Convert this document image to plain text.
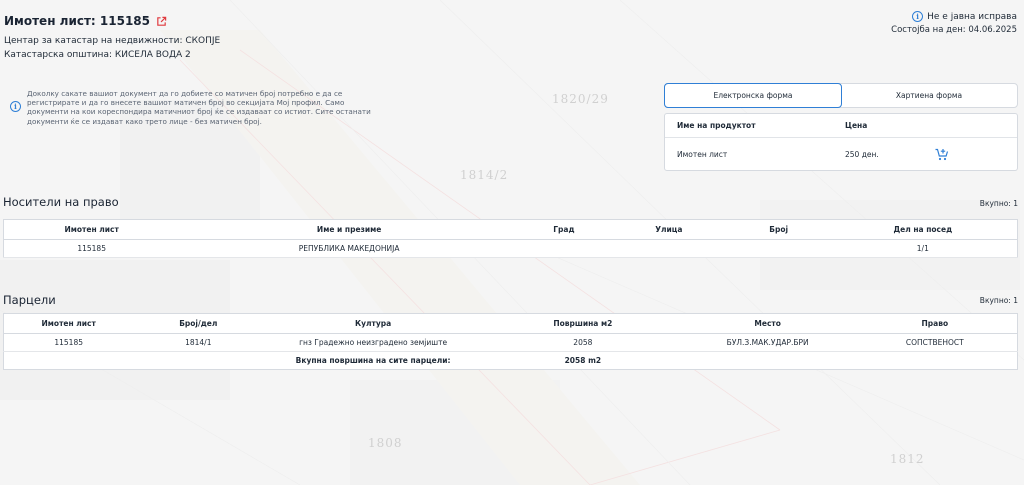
1814/2
1820/29
1808
1812
Имотен лист: 115185
Центар за катастар на недвижности: СКОПЈЕ
Катастарска општина: КИСЕЛА ВОДА 2
i Не е јавна исправа
Состојба на ден: 04.06.2025
i
Доколку сакате вашиот документ да го добиете со матичен број потребно е да се регистрирате и да го внесете вашиот матичен број во секцијата Мој профил. Само документи на кои кореспондира матичниот број ќе се издаваат со истиот. Сите останати документи ќе се издават како трето лице - без матичен број.
Електронска форма	Хартиена форма
Име на продуктот	Цена
Имотен лист	250 ден.
Носители на право	Вкупно: 1
Имотен лист	Име и презиме	Град	Улица	Број	Дел на посед
115185	РЕПУБЛИКА МАКЕДОНИЈА				1/1
Парцели	Вкупно: 1
Имотен лист	Број/дел	Култура	Површина м2	Место	Право
115185	1814/1	гнз Градежно неизградено земјиште	2058	БУЛ.З.МАК.УДАР.БРИ	СОПСТВЕНОСТ
		Вкупна површина на сите парцели:	2058 m2		
